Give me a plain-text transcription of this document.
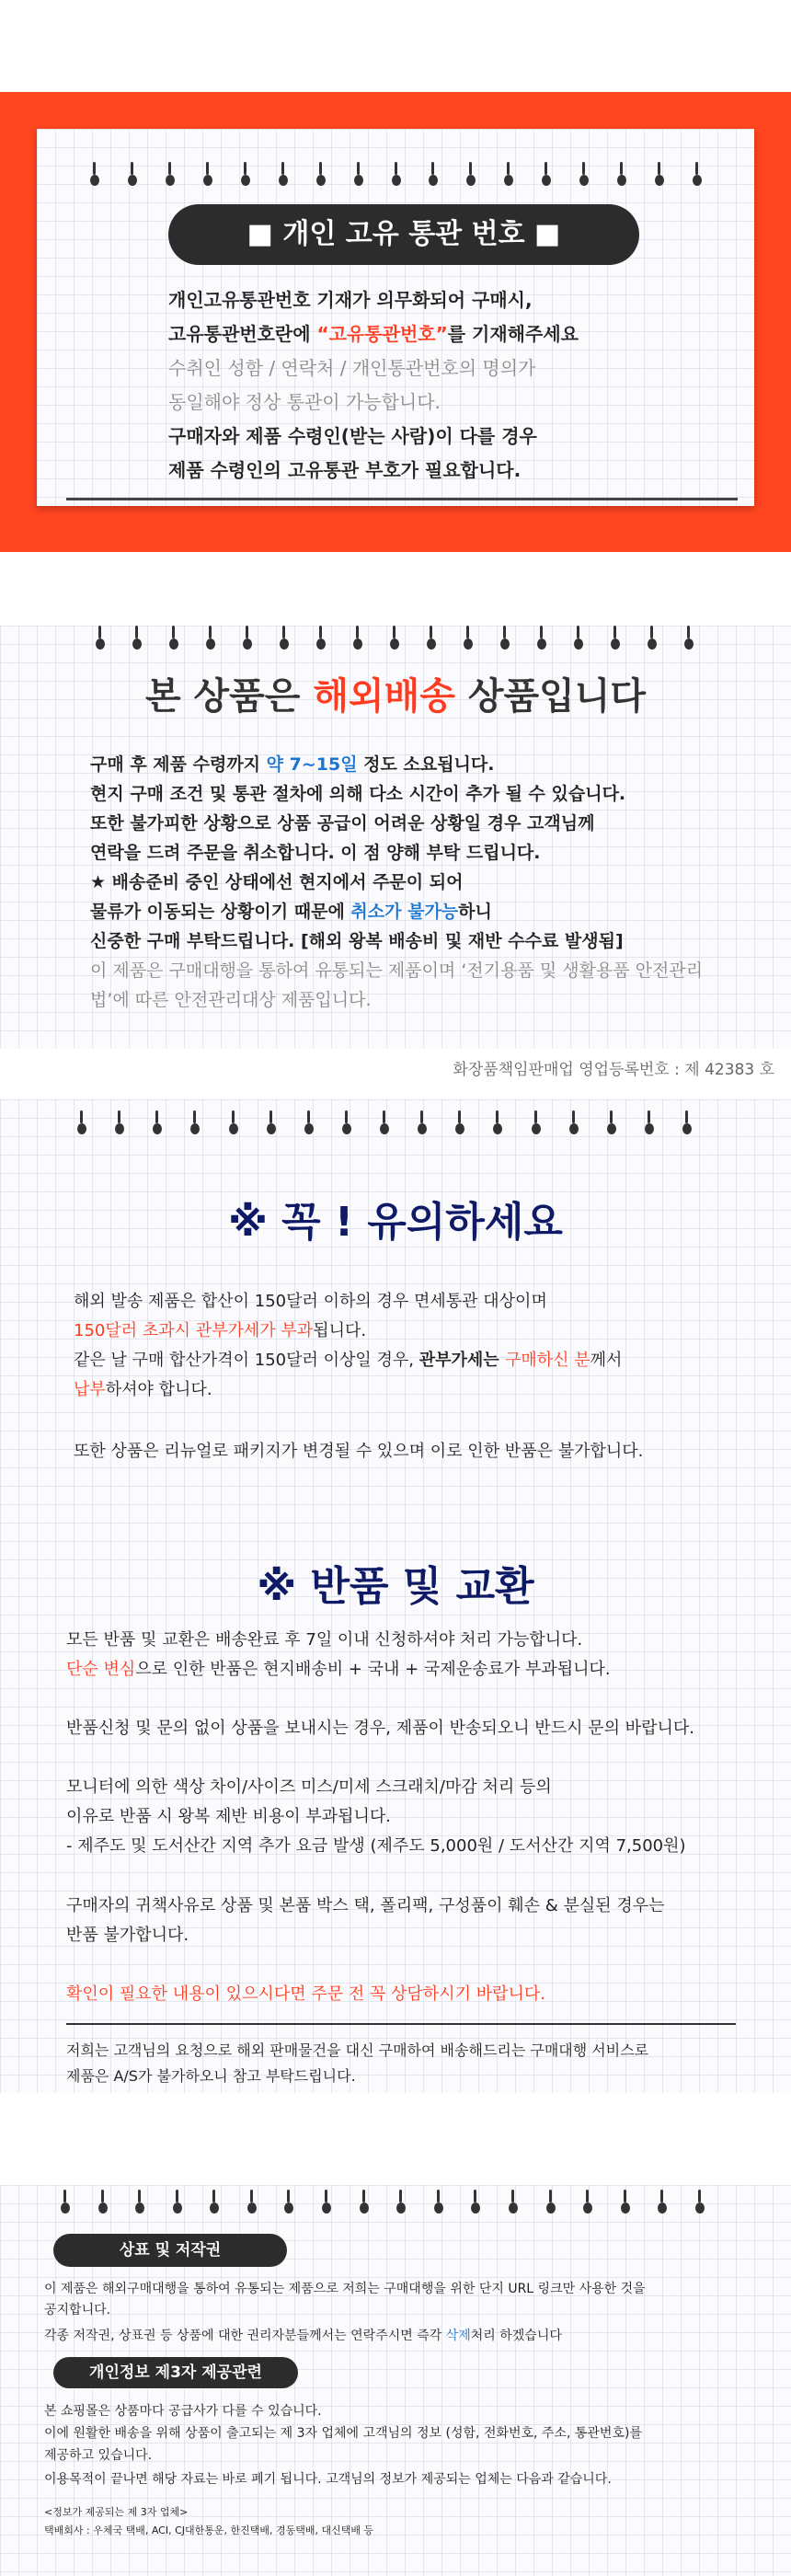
■ 개인 고유 통관 번호 ■
개인고유통관번호 기재가 의무화되어 구매시,
고유통관번호란에 “고유통관번호”를 기재해주세요
수취인 성함 / 연락처 / 개인통관번호의 명의가
동일해야 정상 통관이 가능합니다.
구매자와 제품 수령인(받는 사람)이 다를 경우
제품 수령인의 고유통관 부호가 필요합니다.
본 상품은 해외배송 상품입니다
구매 후 제품 수령까지 약 7~15일 정도 소요됩니다.
현지 구매 조건 및 통관 절차에 의해 다소 시간이 추가 될 수 있습니다.
또한 불가피한 상황으로 상품 공급이 어려운 상황일 경우 고객님께
연락을 드려 주문을 취소합니다. 이 점 양해 부탁 드립니다.
★ 배송준비 중인 상태에선 현지에서 주문이 되어
물류가 이동되는 상황이기 때문에 취소가 불가능하니
신중한 구매 부탁드립니다. [해외 왕복 배송비 및 재반 수수료 발생됨]
이 제품은 구매대행을 통하여 유통되는 제품이며 ‘전기용품 및 생활용품 안전관리
법’에 따른 안전관리대상 제품입니다.
화장품책임판매업 영업등록번호 : 제 42383 호
※ 꼭 ! 유의하세요
해외 발송 제품은 합산이 150달러 이하의 경우 면세통관 대상이며
150달러 초과시 관부가세가 부과됩니다.
같은 날 구매 합산가격이 150달러 이상일 경우, 관부가세는 구매하신 분께서
납부하셔야 합니다.
또한 상품은 리뉴얼로 패키지가 변경될 수 있으며 이로 인한 반품은 불가합니다.
※ 반품 및 교환
모든 반품 및 교환은 배송완료 후 7일 이내 신청하셔야 처리 가능합니다.
단순 변심으로 인한 반품은 현지배송비 + 국내 + 국제운송료가 부과됩니다.
반품신청 및 문의 없이 상품을 보내시는 경우, 제품이 반송되오니 반드시 문의 바랍니다.
모니터에 의한 색상 차이/사이즈 미스/미세 스크래치/마감 처리 등의
이유로 반품 시 왕복 제반 비용이 부과됩니다.
- 제주도 및 도서산간 지역 추가 요금 발생 (제주도 5,000원 / 도서산간 지역 7,500원)
구매자의 귀책사유로 상품 및 본품 박스 택, 폴리팩, 구성품이 훼손 & 분실된 경우는
반품 불가합니다.
확인이 필요한 내용이 있으시다면 주문 전 꼭 상담하시기 바랍니다.
저희는 고객님의 요청으로 해외 판매물건을 대신 구매하여 배송해드리는 구매대행 서비스로
제품은 A/S가 불가하오니 참고 부탁드립니다.
상표 및 저작권
이 제품은 해외구매대행을 통하여 유통되는 제품으로 저희는 구매대행을 위한 단지 URL 링크만 사용한 것을
공지합니다.
각종 저작권, 상표권 등 상품에 대한 권리자분들께서는 연락주시면 즉각 삭제처리 하겠습니다
개인정보 제3자 제공관련
본 쇼핑몰은 상품마다 공급사가 다를 수 있습니다.
이에 원활한 배송을 위해 상품이 출고되는 제 3자 업체에 고객님의 정보 (성함, 전화번호, 주소, 통관번호)를
제공하고 있습니다.
이용목적이 끝나면 해당 자료는 바로 폐기 됩니다. 고객님의 정보가 제공되는 업체는 다음과 같습니다.
<정보가 제공되는 제 3자 업체>
택배회사 : 우체국 택배, ACI, CJ대한통운, 한진택배, 경동택배, 대신택배 등
